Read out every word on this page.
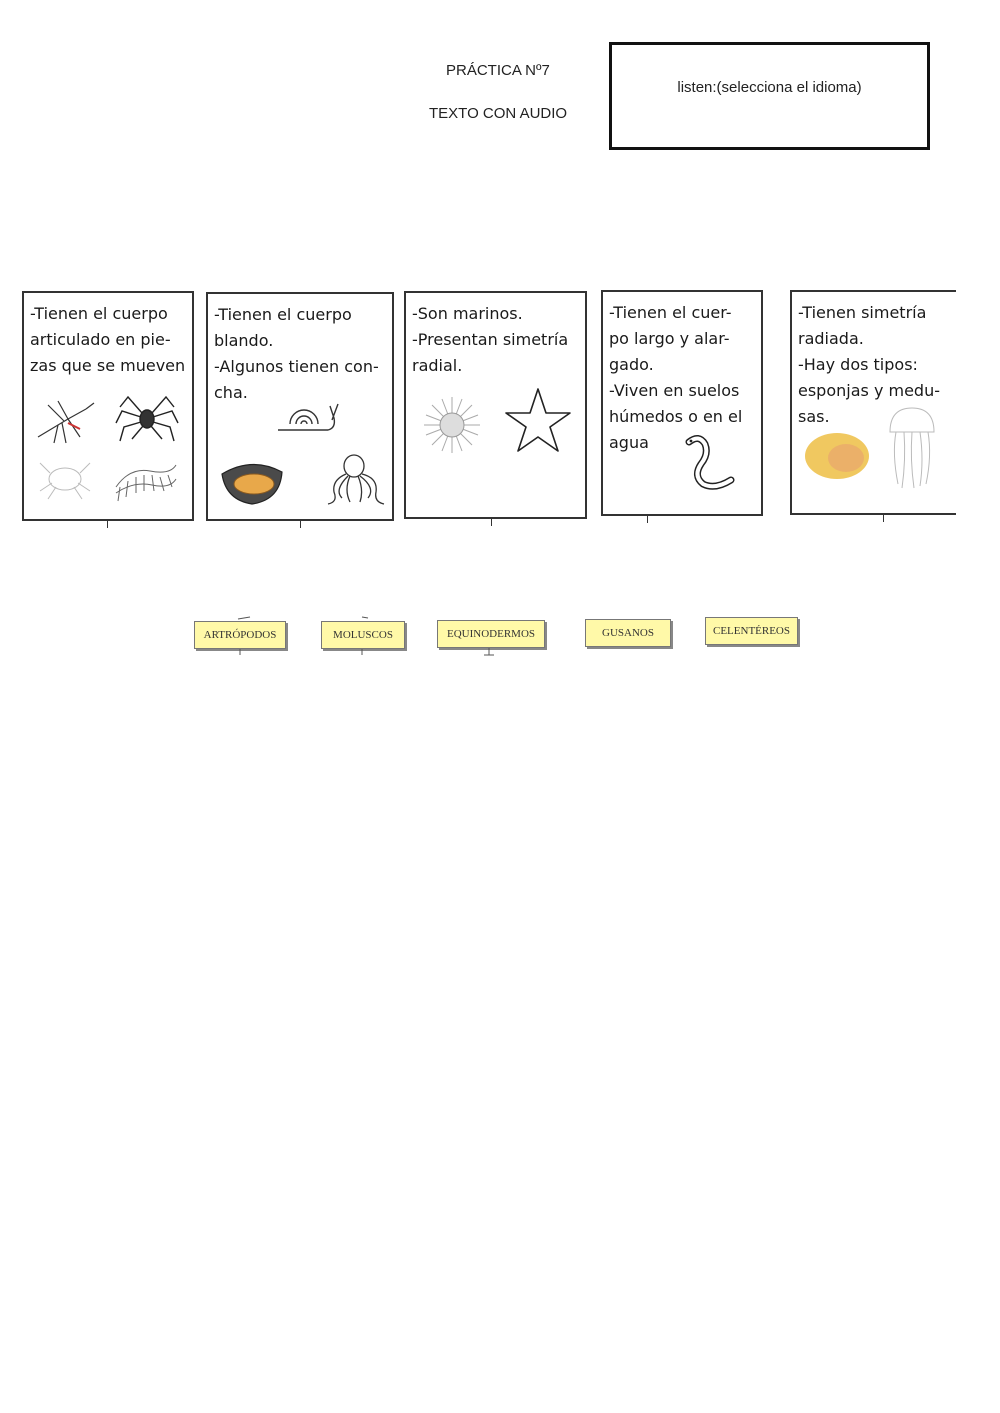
PRÁCTICA Nº7
TEXTO CON AUDIO
listen:(selecciona el idioma)
-Tienen el cuerpo
articulado en pie-
zas que se mueven
-Tienen el cuerpo
blando.
-Algunos tienen con-
cha.
-Son marinos.
-Presentan simetría
radial.
-Tienen el cuer-
po largo y alar-
gado.
-Viven en suelos
húmedos o en el
agua
-Tienen simetría
radiada.
-Hay dos tipos:
esponjas y medu-
sas.
ARTRÓPODOS	MOLUSCOS	EQUINODERMOS	GUSANOS	CELENTÉREOS
